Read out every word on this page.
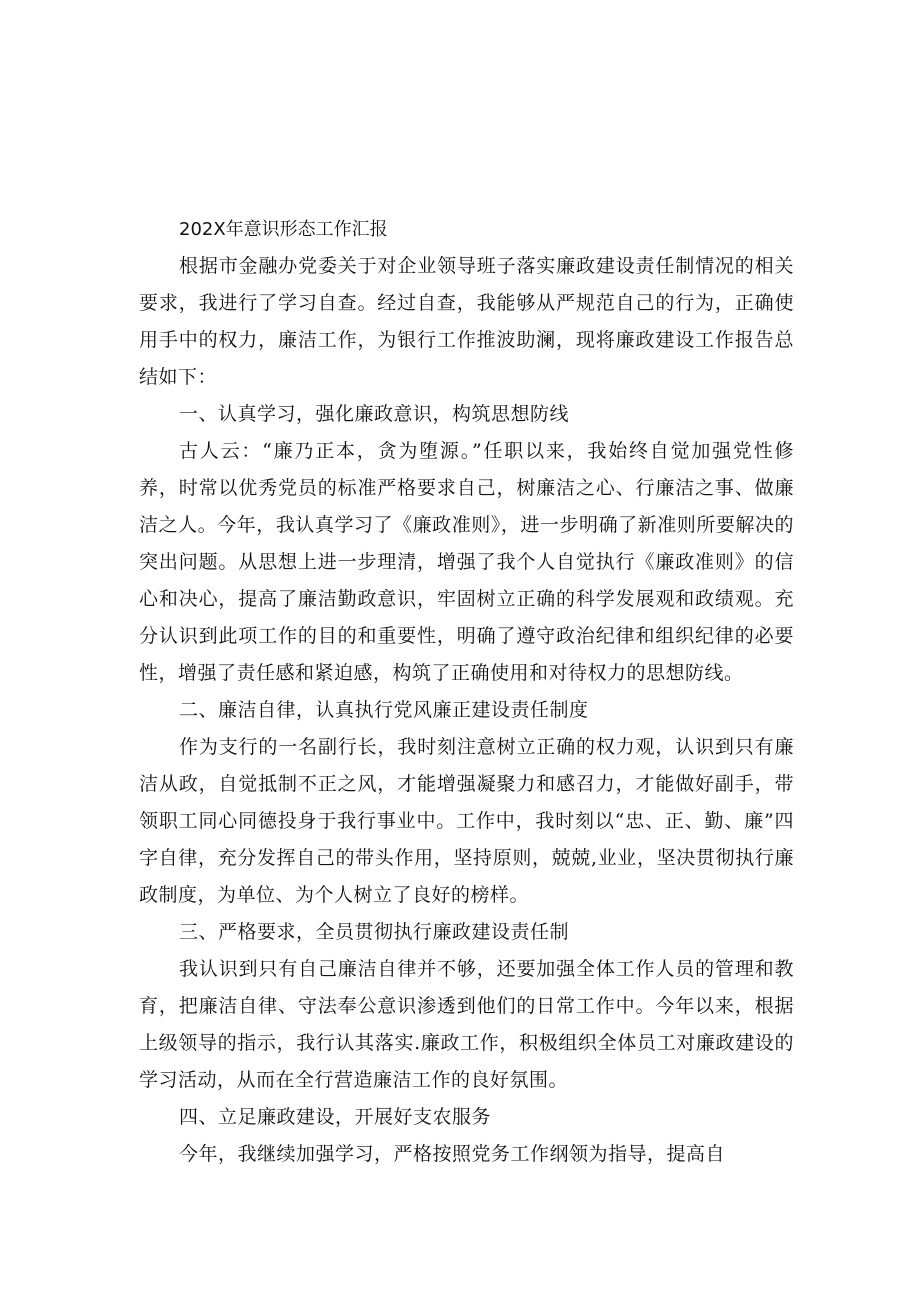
202X年意识形态工作汇报

根据市金融办党委关于对企业领导班子落实廉政建设责任制情况的相关要求，我进行了学习自查。经过自查，我能够从严规范自己的行为，正确使用手中的权力，廉洁工作，为银行工作推波助澜，现将廉政建设工作报告总结如下：

一、认真学习，强化廉政意识，构筑思想防线

古人云：“廉乃正本，贪为堕源。”任职以来，我始终自觉加强党性修养，时常以优秀党员的标准严格要求自己，树廉洁之心、行廉洁之事、做廉洁之人。今年，我认真学习了《廉政准则》，进一步明确了新准则所要解决的突出问题。从思想上进一步理清，增强了我个人自觉执行《廉政准则》的信心和决心，提高了廉洁勤政意识，牢固树立正确的科学发展观和政绩观。充分认识到此项工作的目的和重要性，明确了遵守政治纪律和组织纪律的必要性，增强了责任感和紧迫感，构筑了正确使用和对待权力的思想防线。

二、廉洁自律，认真执行党风廉正建设责任制度

作为支行的一名副行长，我时刻注意树立正确的权力观，认识到只有廉洁从政，自觉抵制不正之风，才能增强凝聚力和感召力，才能做好副手，带领职工同心同德投身于我行事业中。工作中，我时刻以“忠、正、勤、廉”四字自律，充分发挥自己的带头作用，坚持原则，兢兢,业业，坚决贯彻执行廉政制度，为单位、为个人树立了良好的榜样。

三、严格要求，全员贯彻执行廉政建设责任制

我认识到只有自己廉洁自律并不够，还要加强全体工作人员的管理和教育，把廉洁自律、守法奉公意识渗透到他们的日常工作中。今年以来，根据上级领导的指示，我行认其落实.廉政工作，积极组织全体员工对廉政建设的学习活动，从而在全行营造廉洁工作的良好氛围。

四、立足廉政建设，开展好支农服务

今年，我继续加强学习，严格按照党务工作纲领为指导，提高自
